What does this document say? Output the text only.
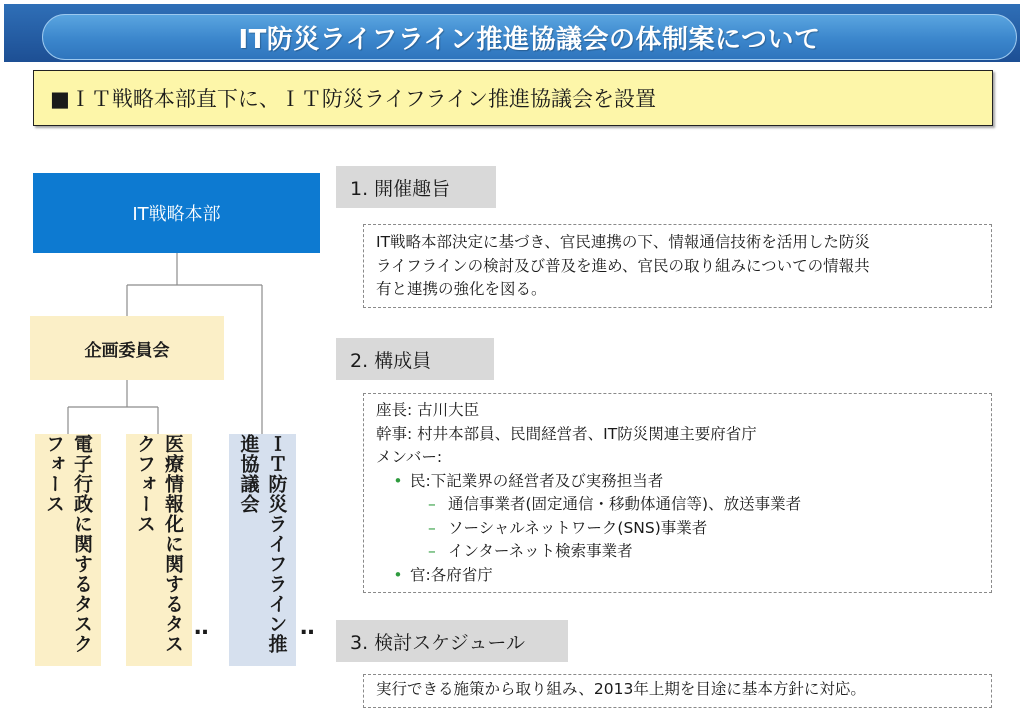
IT防災ライフライン推進協議会の体制案について
■ＩＴ戦略本部直下に、ＩＴ防災ライフライン推進協議会を設置
IT戦略本部
企画委員会
電子行政に関するタスクフォース	医療情報化に関するタスクフォース	ＩＴ防災ライフライン推進協議会
‥	‥
1. 開催趣旨
IT戦略本部決定に基づき、官民連携の下、情報通信技術を活用した防災
ライフラインの検討及び普及を進め、官民の取り組みについての情報共
有と連携の強化を図る。
2. 構成員
座長: 古川大臣
幹事: 村井本部員、民間経営者、IT防災関連主要府省庁
メンバー:
• 民:下記業界の経営者及び実務担当者
– 通信事業者(固定通信・移動体通信等)、放送事業者
– ソーシャルネットワーク(SNS)事業者
– インターネット検索事業者
• 官:各府省庁
3. 検討スケジュール
実行できる施策から取り組み、2013年上期を目途に基本方針に対応。
